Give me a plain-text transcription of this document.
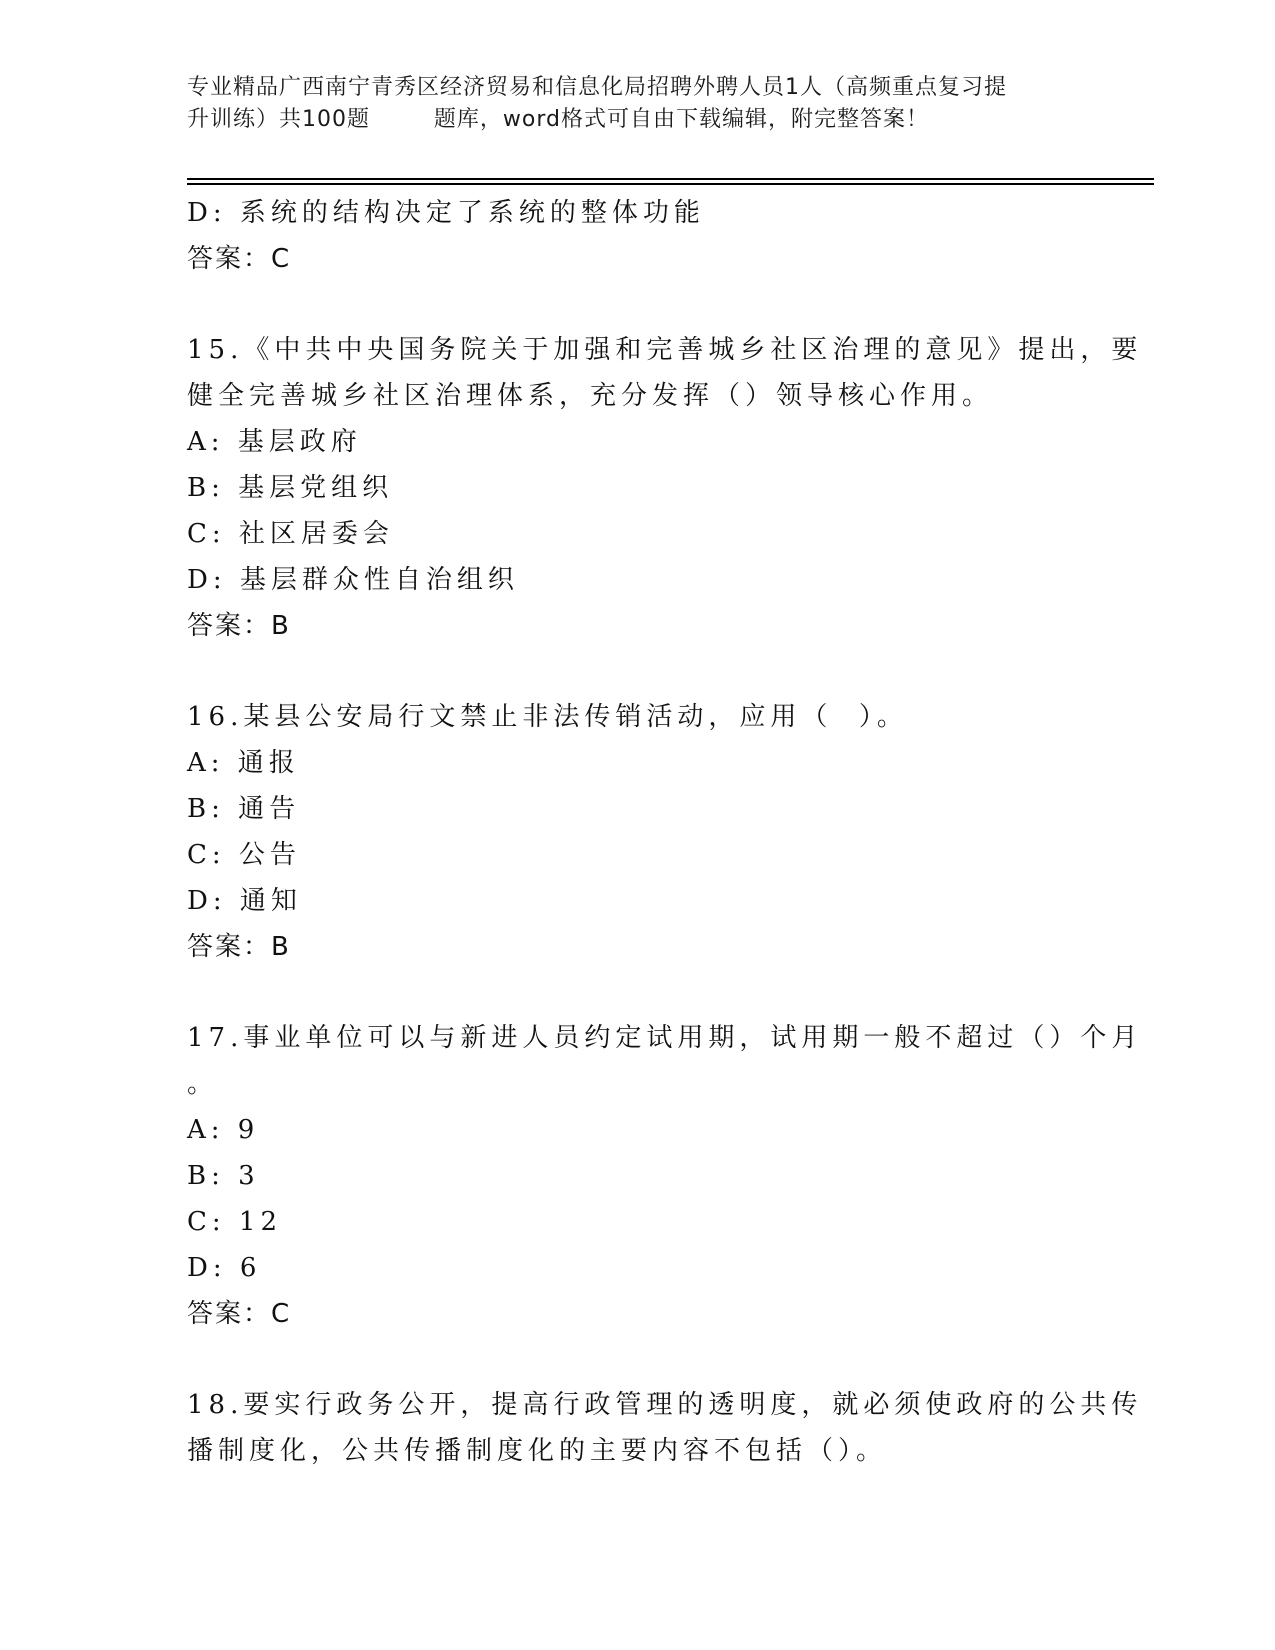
专业精品广西南宁青秀区经济贸易和信息化局招聘外聘人员1人（高频重点复习提
升训练）共100题        题库，word格式可自由下载编辑，附完整答案！
D: 系统的结构决定了系统的整体功能
答案：C
15.《中共中央国务院关于加强和完善城乡社区治理的意见》提出，要
健全完善城乡社区治理体系，充分发挥（）领导核心作用。
A: 基层政府
B: 基层党组织
C: 社区居委会
D: 基层群众性自治组织
答案：B
16.某县公安局行文禁止非法传销活动，应用（  ）。
A: 通报
B: 通告
C: 公告
D: 通知
答案：B
17.事业单位可以与新进人员约定试用期，试用期一般不超过（）个月
。
A: 9
B: 3
C: 12
D: 6
答案：C
18.要实行政务公开，提高行政管理的透明度，就必须使政府的公共传
播制度化，公共传播制度化的主要内容不包括（）。
